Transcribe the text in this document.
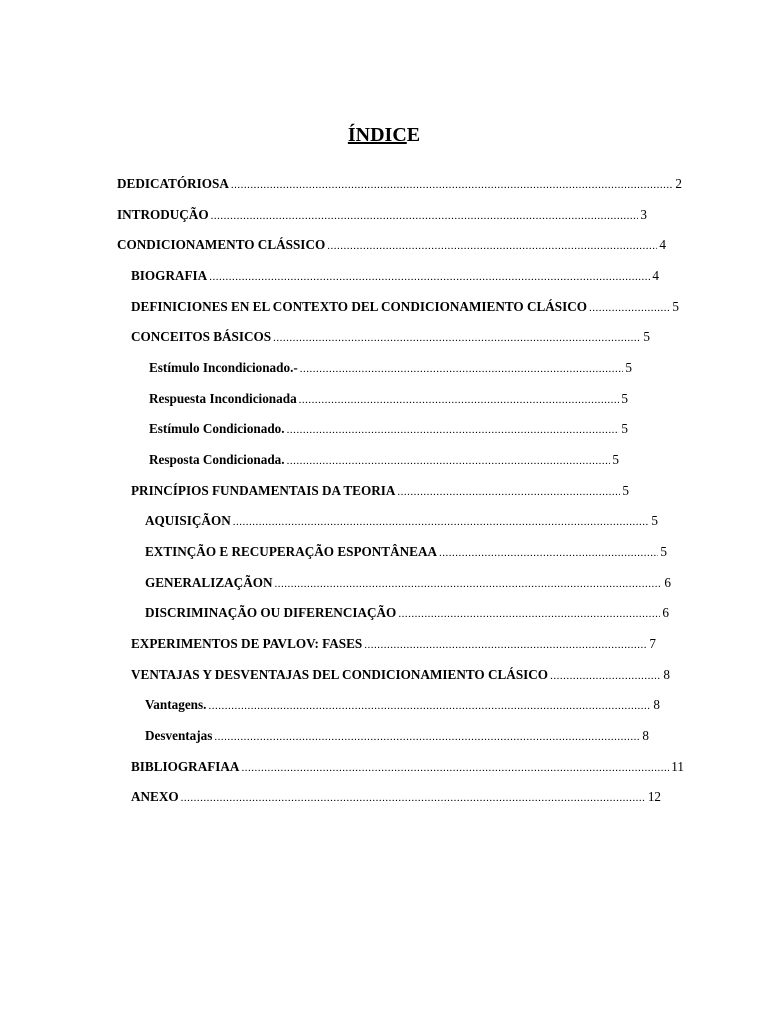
ÍNDICE
DEDICATÓRIOSA .....	2
INTRODUÇÃO .....	3
CONDICIONAMENTO CLÁSSICO .....	4
BIOGRAFIA .....	4
DEFINICIONES EN EL CONTEXTO DEL CONDICIONAMIENTO CLÁSICO .....	5
CONCEITOS BÁSICOS .....	5
Estímulo Incondicionado.- .....	5
Respuesta Incondicionada .....	5
Estímulo Condicionado. .....	5
Resposta Condicionada. .....	5
PRINCÍPIOS FUNDAMENTAIS DA TEORIA .....	5
AQUISIÇÃON .....	5
EXTINÇÃO E RECUPERAÇÃO ESPONTÂNEAA .....	5
GENERALIZAÇÃON .....	6
DISCRIMINAÇÃO OU DIFERENCIAÇÃO .....	6
EXPERIMENTOS DE PAVLOV: FASES .....	7
VENTAJAS Y DESVENTAJAS DEL CONDICIONAMIENTO CLÁSICO .....	8
Vantagens. .....	8
Desventajas .....	8
BIBLIOGRAFIAA .....	11
ANEXO .....	12
